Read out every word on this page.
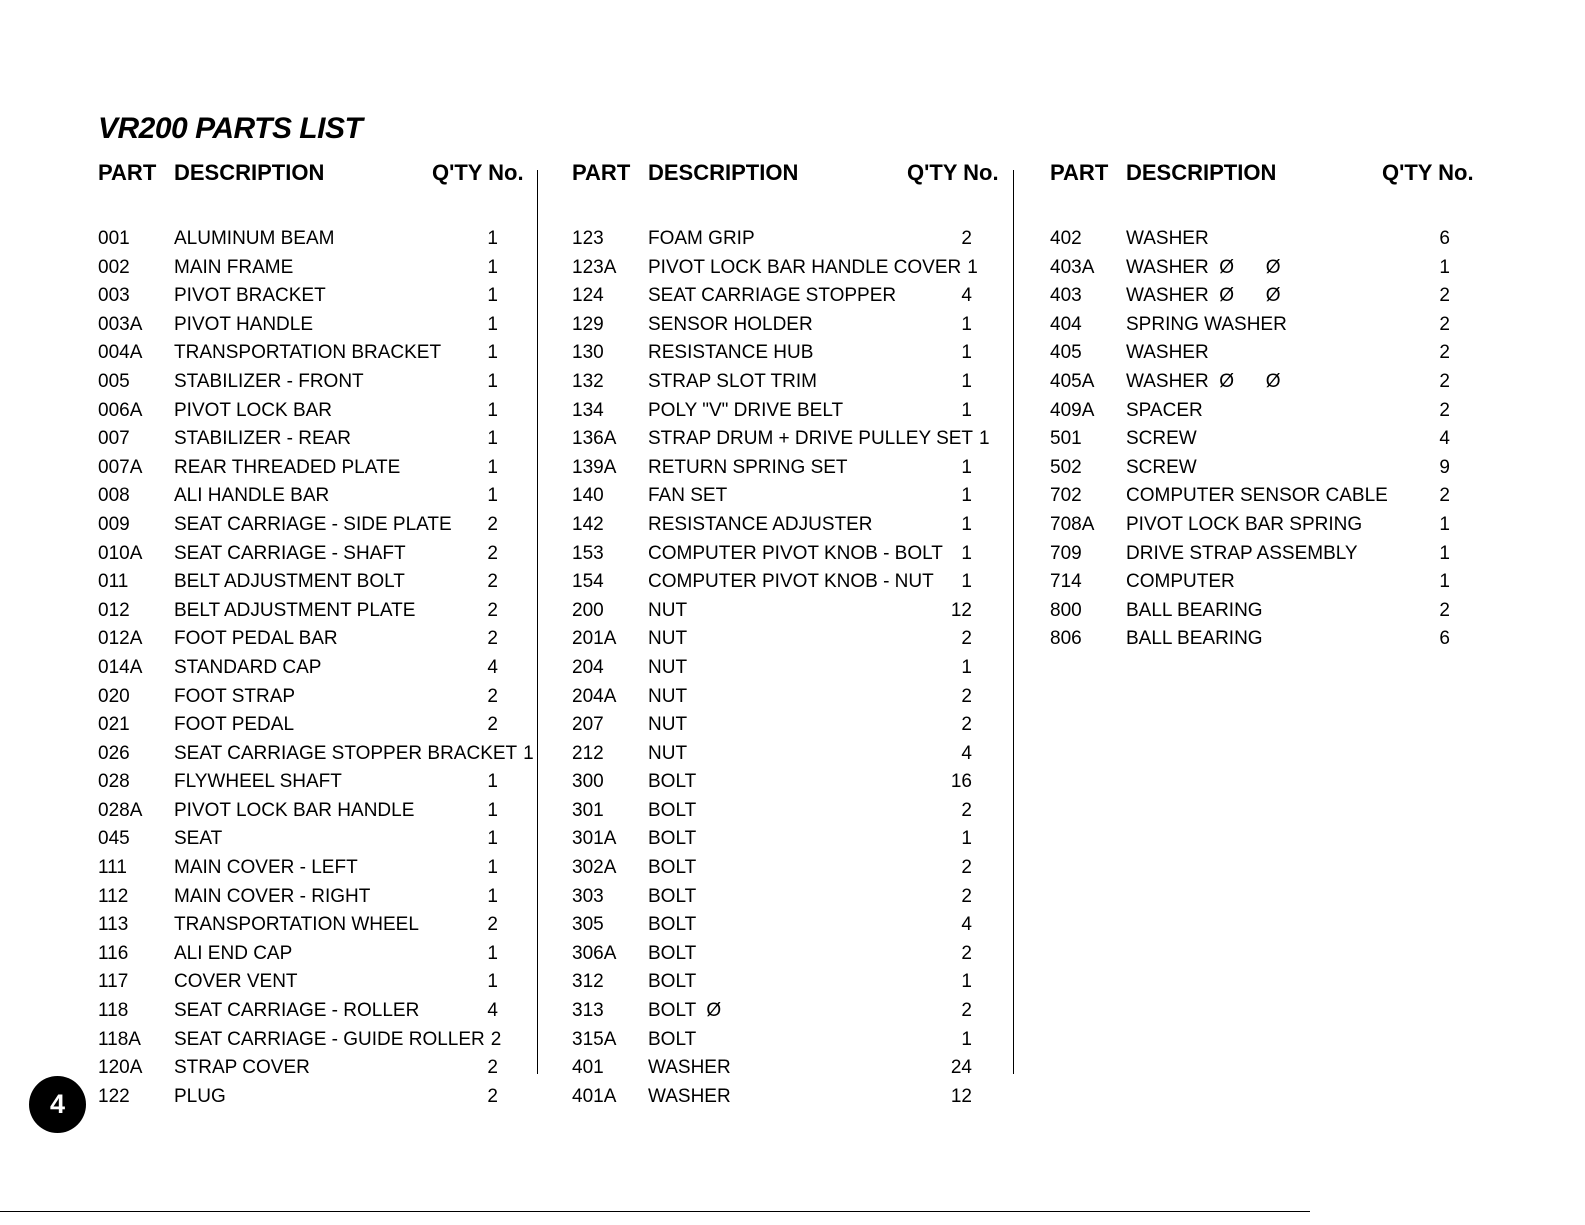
VR200 PARTS LIST
PART DESCRIPTION	Q'TY No.
001 ALUMINUM BEAM	1
002 MAIN FRAME	1
003 PIVOT BRACKET	1
003A PIVOT HANDLE	1
004A TRANSPORTATION BRACKET 1
005 STABILIZER - FRONT	1
006A PIVOT LOCK BAR	1
007 STABILIZER - REAR	1
007A REAR THREADED PLATE	1
008 ALI HANDLE BAR	1
009 SEAT CARRIAGE - SIDE PLATE 2
010A SEAT CARRIAGE - SHAFT	2
011 BELT ADJUSTMENT BOLT	2
012 BELT ADJUSTMENT PLATE	2
012A FOOT PEDAL BAR	2
014A STANDARD CAP	4
020 FOOT STRAP	2
021 FOOT PEDAL	2
026 SEAT CARRIAGE STOPPER BRACKET 1
028 FLYWHEEL SHAFT	1
028A PIVOT LOCK BAR HANDLE	1
045 SEAT	1
111 MAIN COVER - LEFT	1
112 MAIN COVER - RIGHT	1
113 TRANSPORTATION WHEEL	2
116 ALI END CAP	1
117 COVER VENT	1
118 SEAT CARRIAGE - ROLLER	4
118A SEAT CARRIAGE - GUIDE ROLLER 2
120A STRAP COVER	2
122 PLUG	2
PART DESCRIPTION	Q'TY No.
123 FOAM GRIP	2
123A PIVOT LOCK BAR HANDLE COVER 1
124 SEAT CARRIAGE STOPPER	4
129 SENSOR HOLDER	1
130 RESISTANCE HUB	1
132 STRAP SLOT TRIM	1
134 POLY "V" DRIVE BELT	1
136A STRAP DRUM + DRIVE PULLEY SET 1
139A RETURN SPRING SET	1
140 FAN SET	1
142 RESISTANCE ADJUSTER	1
153 COMPUTER PIVOT KNOB - BOLT 1
154 COMPUTER PIVOT KNOB - NUT 1
200 NUT	12
201A NUT	2
204 NUT	1
204A NUT	2
207 NUT	2
212 NUT	4
300 BOLT	16
301 BOLT	2
301A BOLT	1
302A BOLT	2
303 BOLT	2
305 BOLT	4
306A BOLT	2
312 BOLT	1
313 BOLT  Ø	2
315A BOLT	1
401 WASHER	24
401A WASHER	12
PART DESCRIPTION	Q'TY No.
402 WASHER	6
403A WASHER  Ø      Ø	1
403 WASHER  Ø      Ø	2
404 SPRING WASHER	2
405 WASHER	2
405A WASHER  Ø      Ø	2
409A SPACER	2
501 SCREW	4
502 SCREW	9
702 COMPUTER SENSOR CABLE	2
708A PIVOT LOCK BAR SPRING	1
709 DRIVE STRAP ASSEMBLY	1
714 COMPUTER	1
800 BALL BEARING	2
806 BALL BEARING	6
4
